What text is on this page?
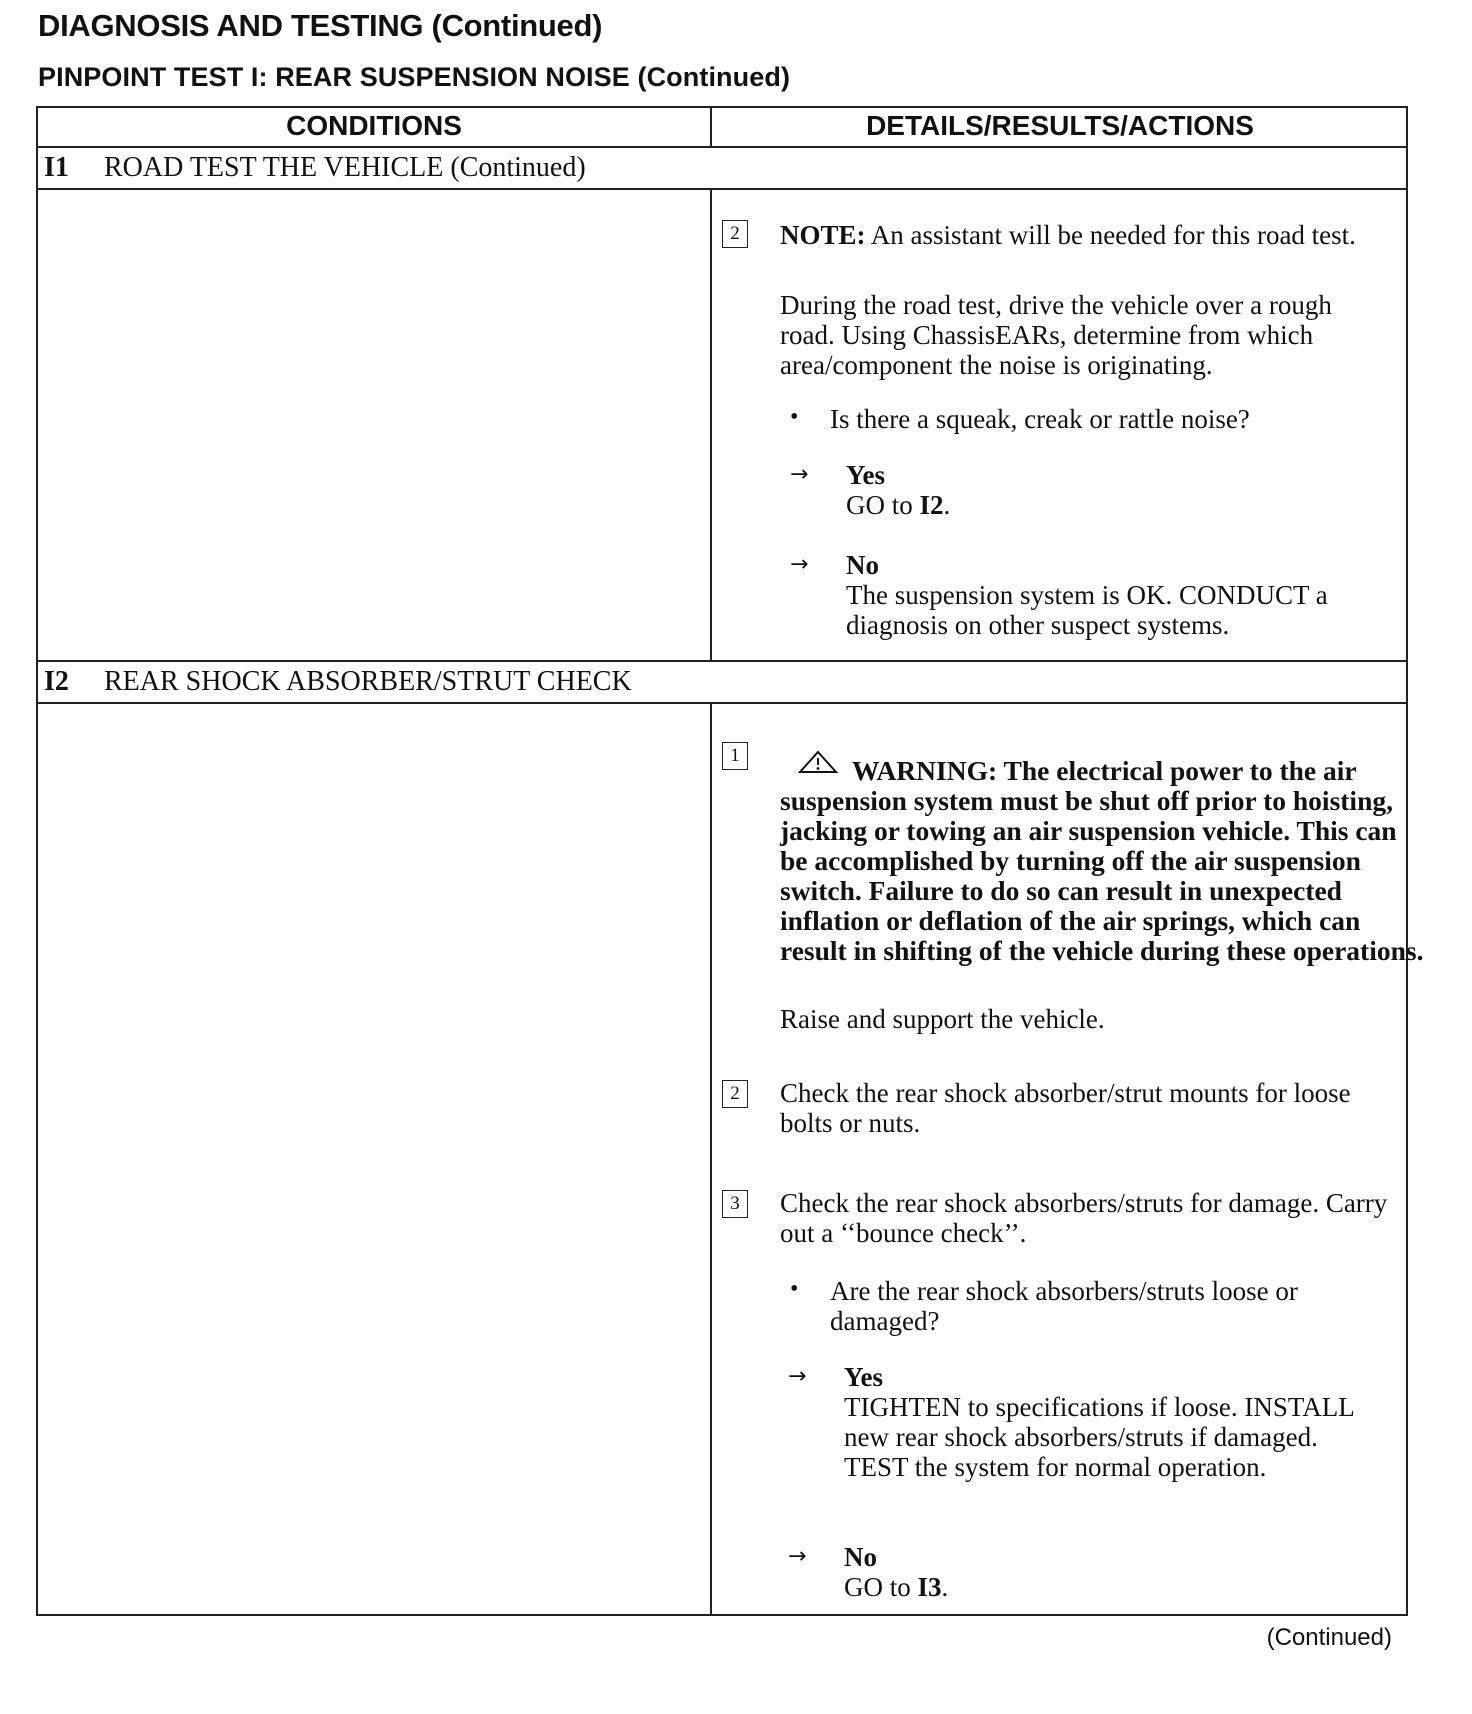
DIAGNOSIS AND TESTING (Continued)
PINPOINT TEST I: REAR SUSPENSION NOISE (Continued)
CONDITIONS	DETAILS/RESULTS/ACTIONS
I1 ROAD TEST THE VEHICLE (Continued)
2	NOTE: An assistant will be needed for this road test.
During the road test, drive the vehicle over a rough road. Using ChassisEARs, determine from which area/component the noise is originating.
• Is there a squeak, creak or rattle noise?
→ Yes
GO to I2.
→ No
The suspension system is OK. CONDUCT a diagnosis on other suspect systems.
I2 REAR SHOCK ABSORBER/STRUT CHECK
1	WARNING: The electrical power to the air suspension system must be shut off prior to hoisting, jacking or towing an air suspension vehicle. This can be accomplished by turning off the air suspension switch. Failure to do so can result in unexpected inflation or deflation of the air springs, which can result in shifting of the vehicle during these operations.
Raise and support the vehicle.
2	Check the rear shock absorber/strut mounts for loose bolts or nuts.
3	Check the rear shock absorbers/struts for damage. Carry out a ‘‘bounce check’’.
• Are the rear shock absorbers/struts loose or damaged?
→ Yes
TIGHTEN to specifications if loose. INSTALL new rear shock absorbers/struts if damaged. TEST the system for normal operation.
→ No
GO to I3.
(Continued)
